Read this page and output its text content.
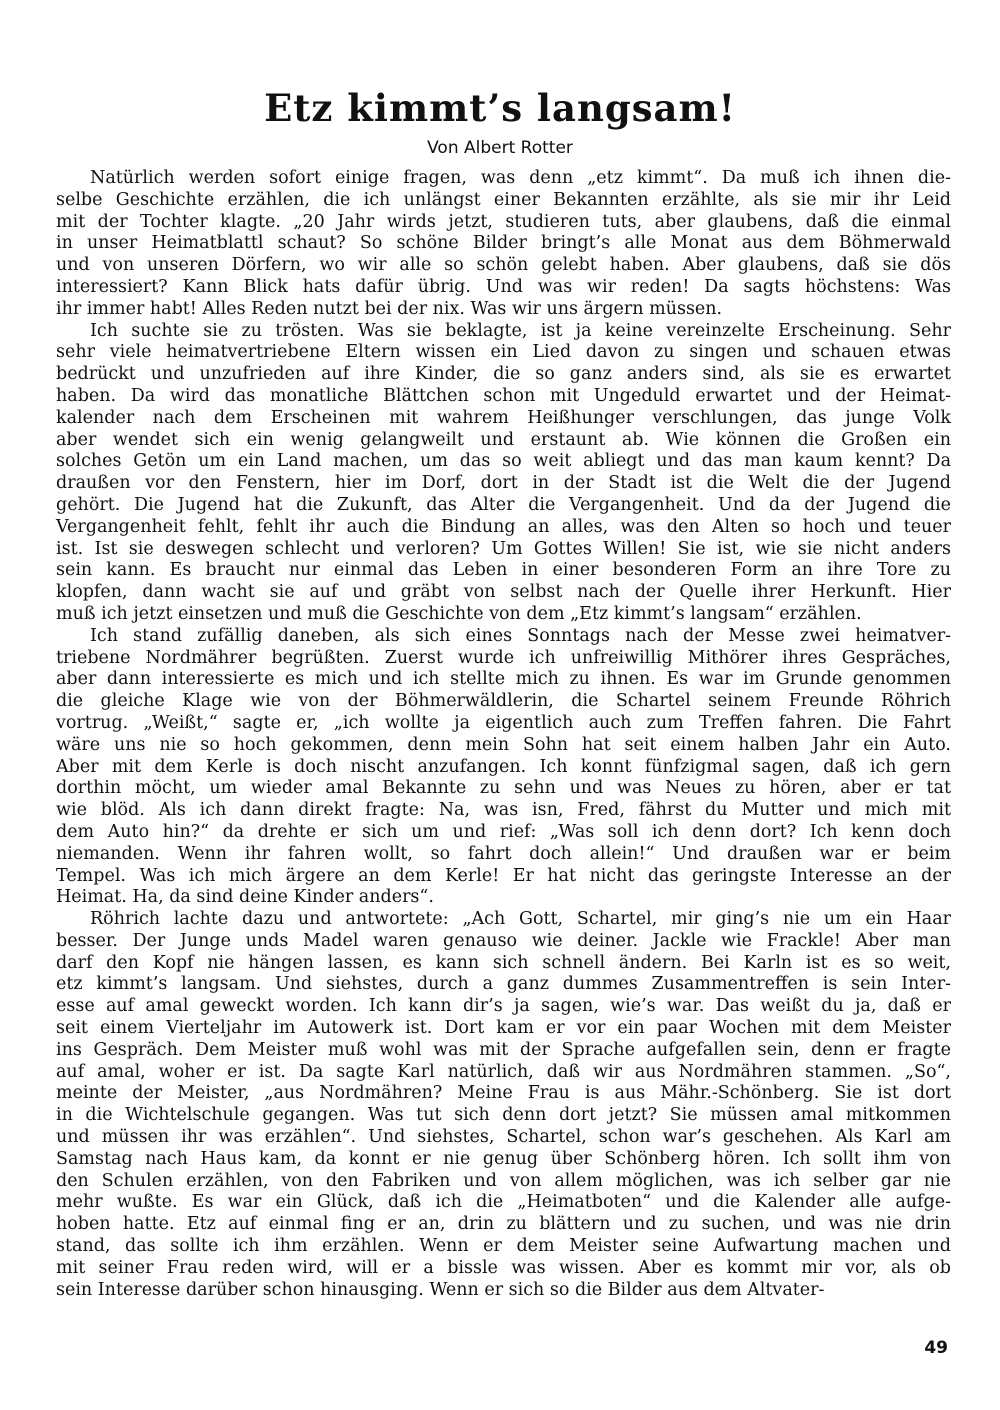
Etz kimmt’s langsam!

Von Albert Rotter

Natürlich werden sofort einige fragen, was denn „etz kimmt“. Da muß ich ihnen die-
selbe Geschichte erzählen, die ich unlängst einer Bekannten erzählte, als sie mir ihr Leid
mit der Tochter klagte. „20 Jahr wirds jetzt, studieren tuts, aber glaubens, daß die einmal
in unser Heimatblattl schaut? So schöne Bilder bringt’s alle Monat aus dem Böhmerwald
und von unseren Dörfern, wo wir alle so schön gelebt haben. Aber glaubens, daß sie dös
interessiert? Kann Blick hats dafür übrig. Und was wir reden! Da sagts höchstens: Was
ihr immer habt! Alles Reden nutzt bei der nix. Was wir uns ärgern müssen.
Ich suchte sie zu trösten. Was sie beklagte, ist ja keine vereinzelte Erscheinung. Sehr
sehr viele heimatvertriebene Eltern wissen ein Lied davon zu singen und schauen etwas
bedrückt und unzufrieden auf ihre Kinder, die so ganz anders sind, als sie es erwartet
haben. Da wird das monatliche Blättchen schon mit Ungeduld erwartet und der Heimat-
kalender nach dem Erscheinen mit wahrem Heißhunger verschlungen, das junge Volk
aber wendet sich ein wenig gelangweilt und erstaunt ab. Wie können die Großen ein
solches Getön um ein Land machen, um das so weit abliegt und das man kaum kennt? Da
draußen vor den Fenstern, hier im Dorf, dort in der Stadt ist die Welt die der Jugend
gehört. Die Jugend hat die Zukunft, das Alter die Vergangenheit. Und da der Jugend die
Vergangenheit fehlt, fehlt ihr auch die Bindung an alles, was den Alten so hoch und teuer
ist. Ist sie deswegen schlecht und verloren? Um Gottes Willen! Sie ist, wie sie nicht anders
sein kann. Es braucht nur einmal das Leben in einer besonderen Form an ihre Tore zu
klopfen, dann wacht sie auf und gräbt von selbst nach der Quelle ihrer Herkunft. Hier
muß ich jetzt einsetzen und muß die Geschichte von dem „Etz kimmt’s langsam“ erzählen.
Ich stand zufällig daneben, als sich eines Sonntags nach der Messe zwei heimatver-
triebene Nordmährer begrüßten. Zuerst wurde ich unfreiwillig Mithörer ihres Gespräches,
aber dann interessierte es mich und ich stellte mich zu ihnen. Es war im Grunde genommen
die gleiche Klage wie von der Böhmerwäldlerin, die Schartel seinem Freunde Röhrich
vortrug. „Weißt,“ sagte er, „ich wollte ja eigentlich auch zum Treffen fahren. Die Fahrt
wäre uns nie so hoch gekommen, denn mein Sohn hat seit einem halben Jahr ein Auto.
Aber mit dem Kerle is doch nischt anzufangen. Ich konnt fünfzigmal sagen, daß ich gern
dorthin möcht, um wieder amal Bekannte zu sehn und was Neues zu hören, aber er tat
wie blöd. Als ich dann direkt fragte: Na, was isn, Fred, fährst du Mutter und mich mit
dem Auto hin?“ da drehte er sich um und rief: „Was soll ich denn dort? Ich kenn doch
niemanden. Wenn ihr fahren wollt, so fahrt doch allein!“ Und draußen war er beim
Tempel. Was ich mich ärgere an dem Kerle! Er hat nicht das geringste Interesse an der
Heimat. Ha, da sind deine Kinder anders“.
Röhrich lachte dazu und antwortete: „Ach Gott, Schartel, mir ging’s nie um ein Haar
besser. Der Junge unds Madel waren genauso wie deiner. Jackle wie Frackle! Aber man
darf den Kopf nie hängen lassen, es kann sich schnell ändern. Bei Karln ist es so weit,
etz kimmt’s langsam. Und siehstes, durch a ganz dummes Zusammentreffen is sein Inter-
esse auf amal geweckt worden. Ich kann dir’s ja sagen, wie’s war. Das weißt du ja, daß er
seit einem Vierteljahr im Autowerk ist. Dort kam er vor ein paar Wochen mit dem Meister
ins Gespräch. Dem Meister muß wohl was mit der Sprache aufgefallen sein, denn er fragte
auf amal, woher er ist. Da sagte Karl natürlich, daß wir aus Nordmähren stammen. „So“,
meinte der Meister, „aus Nordmähren? Meine Frau is aus Mähr.-Schönberg. Sie ist dort
in die Wichtelschule gegangen. Was tut sich denn dort jetzt? Sie müssen amal mitkommen
und müssen ihr was erzählen“. Und siehstes, Schartel, schon war’s geschehen. Als Karl am
Samstag nach Haus kam, da konnt er nie genug über Schönberg hören. Ich sollt ihm von
den Schulen erzählen, von den Fabriken und von allem möglichen, was ich selber gar nie
mehr wußte. Es war ein Glück, daß ich die „Heimatboten“ und die Kalender alle aufge-
hoben hatte. Etz auf einmal fing er an, drin zu blättern und zu suchen, und was nie drin
stand, das sollte ich ihm erzählen. Wenn er dem Meister seine Aufwartung machen und
mit seiner Frau reden wird, will er a bissle was wissen. Aber es kommt mir vor, als ob
sein Interesse darüber schon hinausging. Wenn er sich so die Bilder aus dem Altvater-
49
